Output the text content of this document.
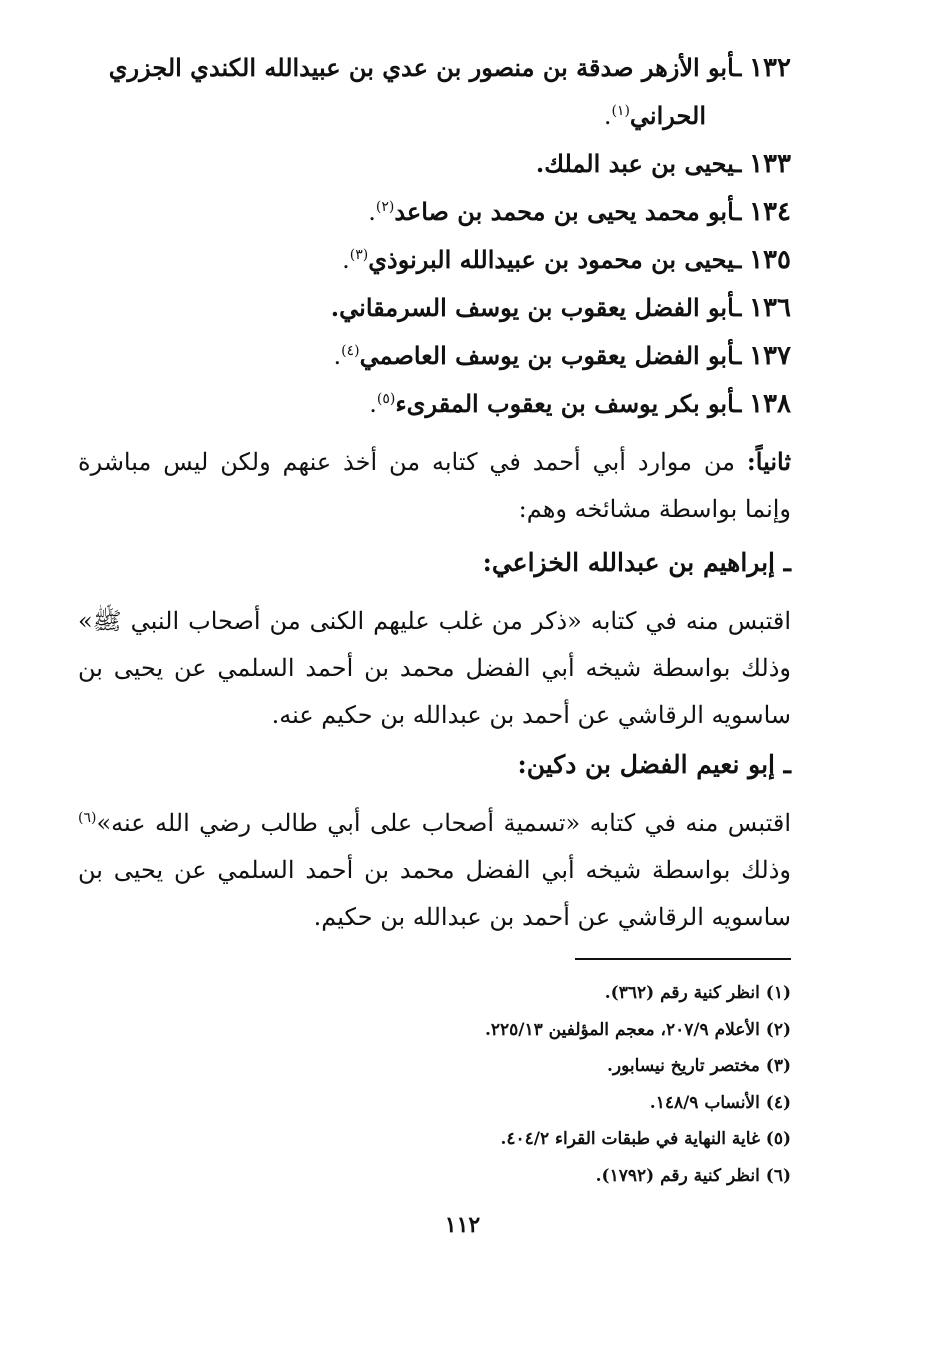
١٣٢ ـأبو الأزهر صدقة بن منصور بن عدي بن عبيدالله الكندي الجزري
الحراني$^{(١)}$.
١٣٣ ـيحيى بن عبد الملك.
١٣٤ ـأبو محمد يحيى بن محمد بن صاعد$^{(٢)}$.
١٣٥ ـيحيى بن محمود بن عبيدالله البرنوذي$^{(٣)}$.
١٣٦ ـأبو الفضل يعقوب بن يوسف السرمقاني.
١٣٧ ـأبو الفضل يعقوب بن يوسف العاصمي$^{(٤)}$.
١٣٨ ـأبو بكر يوسف بن يعقوب المقرىء$^{(٥)}$.

ثانياً: من موارد أبي أحمد في كتابه من أخذ عنهم ولكن ليس مباشرة وإنما بواسطة مشائخه وهم:

ـ إبراهيم بن عبدالله الخزاعي:

اقتبس منه في كتابه «ذكر من غلب عليهم الكنى من أصحاب النبي ﷺ» وذلك بواسطة شيخه أبي الفضل محمد بن أحمد السلمي عن يحيى بن ساسويه الرقاشي عن أحمد بن عبدالله بن حكيم عنه.

ـ إبو نعيم الفضل بن دكين:

اقتبس منه في كتابه «تسمية أصحاب على أبي طالب رضي الله عنه»$^{(٦)}$ وذلك بواسطة شيخه أبي الفضل محمد بن أحمد السلمي عن يحيى بن ساسويه الرقاشي عن أحمد بن عبدالله بن حكيم.

(١) انظر كنية رقم (٣٦٢).
(٢) الأعلام ٢٠٧/٩، معجم المؤلفين ٢٢٥/١٣.
(٣) مختصر تاريخ نيسابور.
(٤) الأنساب ١٤٨/٩.
(٥) غاية النهاية في طبقات القراء ٤٠٤/٢.
(٦) انظر كنية رقم (١٧٩٢).
١١٢
